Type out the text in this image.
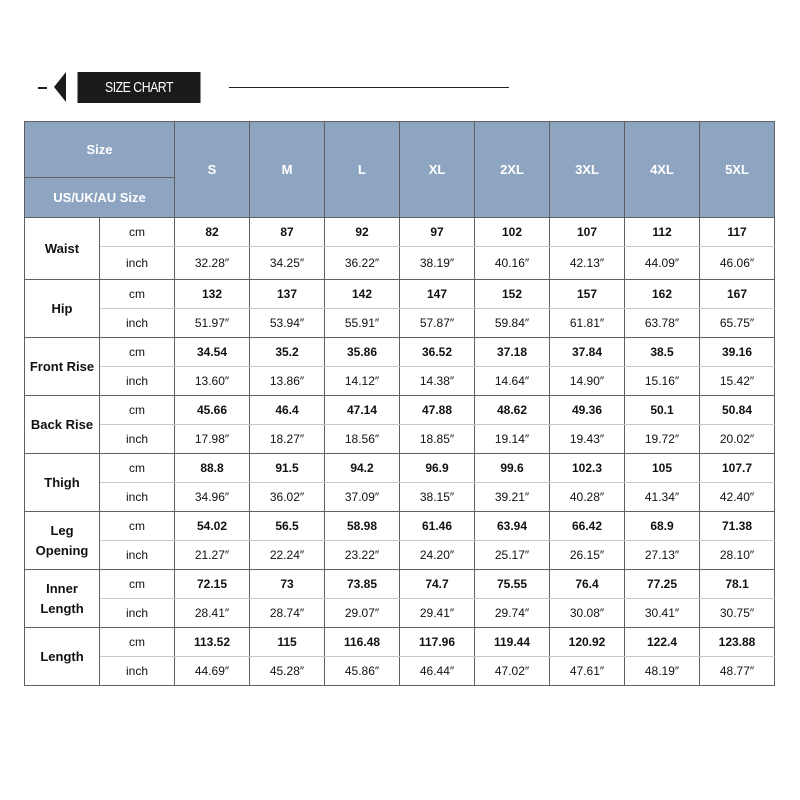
SIZE CHART
Size		S	M	L	XL	2XL	3XL	4XL	5XL
US/UK/AU Size									
Waist	cm	82	87	92	97	102	107	112	117
	inch	32.28″	34.25″	36.22″	38.19″	40.16″	42.13″	44.09″	46.06″
Hip	cm	132	137	142	147	152	157	162	167
	inch	51.97″	53.94″	55.91″	57.87″	59.84″	61.81″	63.78″	65.75″
Front Rise	cm	34.54	35.2	35.86	36.52	37.18	37.84	38.5	39.16
	inch	13.60″	13.86″	14.12″	14.38″	14.64″	14.90″	15.16″	15.42″
Back Rise	cm	45.66	46.4	47.14	47.88	48.62	49.36	50.1	50.84
	inch	17.98″	18.27″	18.56″	18.85″	19.14″	19.43″	19.72″	20.02″
Thigh	cm	88.8	91.5	94.2	96.9	99.6	102.3	105	107.7
	inch	34.96″	36.02″	37.09″	38.15″	39.21″	40.28″	41.34″	42.40″
Leg
Opening	cm	54.02	56.5	58.98	61.46	63.94	66.42	68.9	71.38
	inch	21.27″	22.24″	23.22″	24.20″	25.17″	26.15″	27.13″	28.10″
Inner
Length	cm	72.15	73	73.85	74.7	75.55	76.4	77.25	78.1
	inch	28.41″	28.74″	29.07″	29.41″	29.74″	30.08″	30.41″	30.75″
Length	cm	113.52	115	116.48	117.96	119.44	120.92	122.4	123.88
	inch	44.69″	45.28″	45.86″	46.44″	47.02″	47.61″	48.19″	48.77″
